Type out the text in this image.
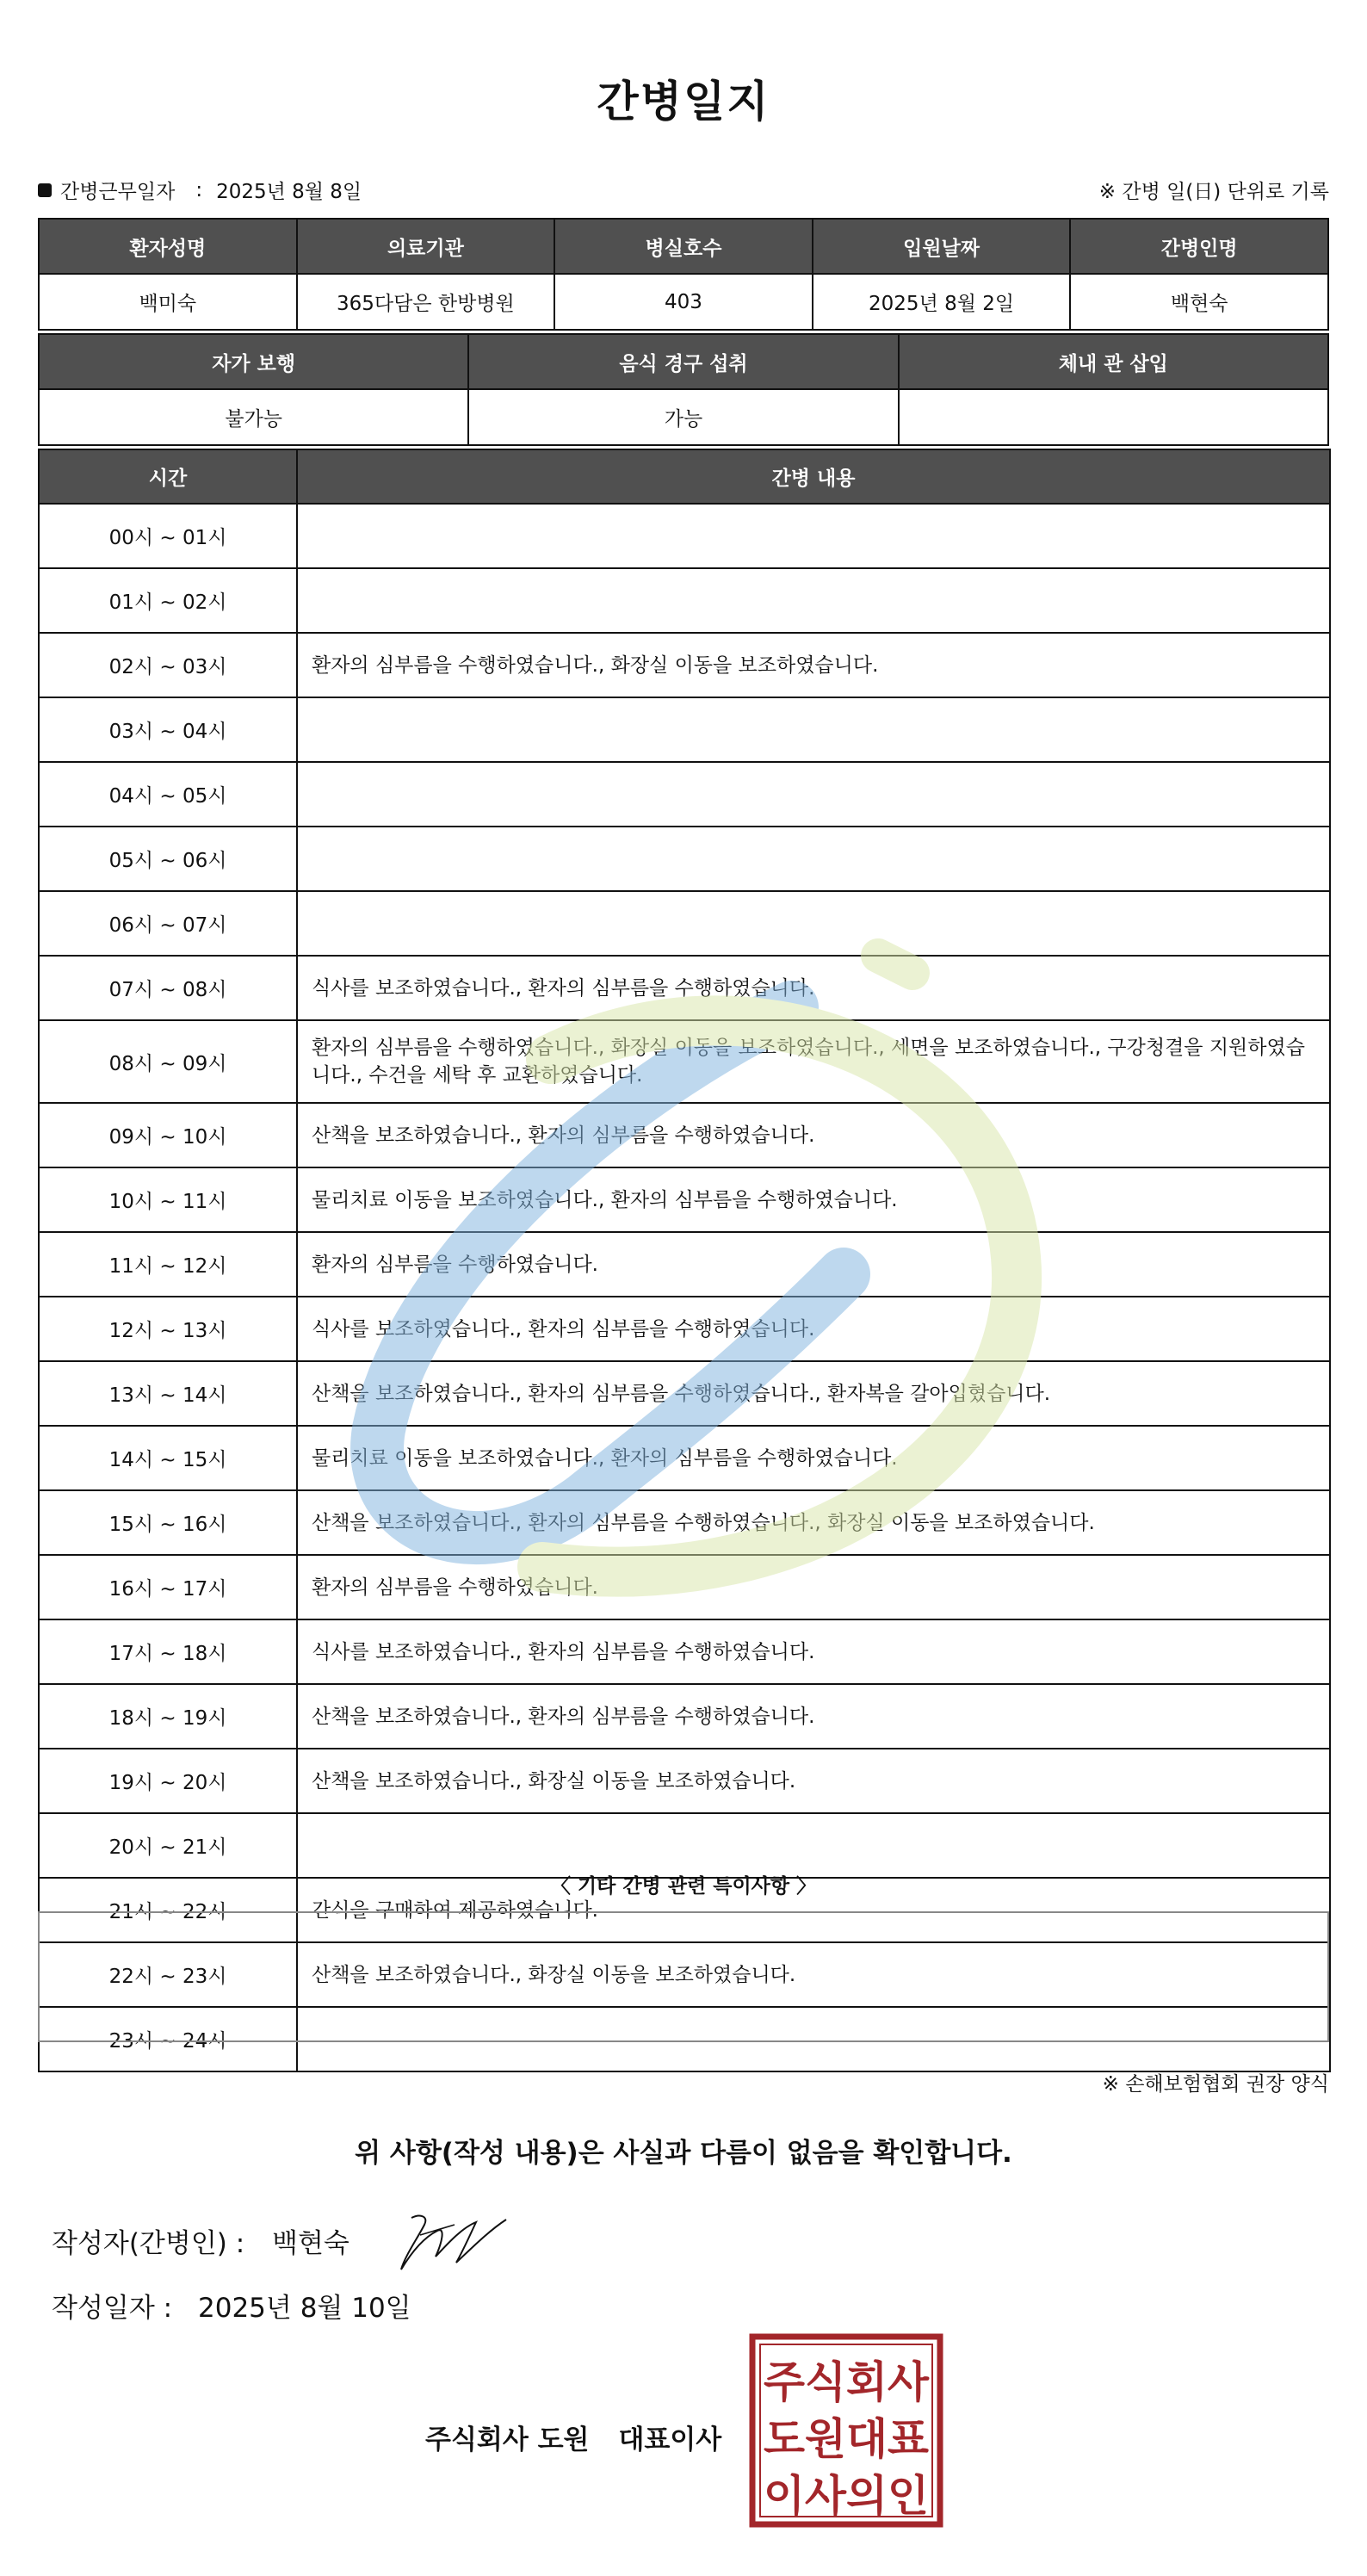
간병일지
간병근무일자 : 2025년 8월 8일	※ 간병 일(日) 단위로 기록
환자성명	의료기관	병실호수	입원날짜	간병인명
백미숙	365다담은 한방병원	403	2025년 8월 2일	백현숙
자가 보행	음식 경구 섭취	체내 관 삽입
불가능	가능	
시간	간병 내용
00시 ~ 01시	
01시 ~ 02시	
02시 ~ 03시	환자의 심부름을 수행하였습니다., 화장실 이동을 보조하였습니다.
03시 ~ 04시	
04시 ~ 05시	
05시 ~ 06시	
06시 ~ 07시	
07시 ~ 08시	식사를 보조하였습니다., 환자의 심부름을 수행하였습니다.
08시 ~ 09시	환자의 심부름을 수행하였습니다., 화장실 이동을 보조하였습니다., 세면을 보조하였습니다., 구강청결을 지원하였습니다., 수건을 세탁 후 교환하였습니다.
09시 ~ 10시	산책을 보조하였습니다., 환자의 심부름을 수행하였습니다.
10시 ~ 11시	물리치료 이동을 보조하였습니다., 환자의 심부름을 수행하였습니다.
11시 ~ 12시	환자의 심부름을 수행하였습니다.
12시 ~ 13시	식사를 보조하였습니다., 환자의 심부름을 수행하였습니다.
13시 ~ 14시	산책을 보조하였습니다., 환자의 심부름을 수행하였습니다., 환자복을 갈아입혔습니다.
14시 ~ 15시	물리치료 이동을 보조하였습니다., 환자의 심부름을 수행하였습니다.
15시 ~ 16시	산책을 보조하였습니다., 환자의 심부름을 수행하였습니다., 화장실 이동을 보조하였습니다.
16시 ~ 17시	환자의 심부름을 수행하였습니다.
17시 ~ 18시	식사를 보조하였습니다., 환자의 심부름을 수행하였습니다.
18시 ~ 19시	산책을 보조하였습니다., 환자의 심부름을 수행하였습니다.
19시 ~ 20시	산책을 보조하였습니다., 화장실 이동을 보조하였습니다.
20시 ~ 21시	
21시 ~ 22시	간식을 구매하여 제공하였습니다.
22시 ~ 23시	산책을 보조하였습니다., 화장실 이동을 보조하였습니다.
23시 ~ 24시	
〈 기타 간병 관련 특이사항 〉
※ 손해보험협회 권장 양식
위 사항(작성 내용)은 사실과 다름이 없음을 확인합니다.
작성자(간병인) :	백현숙
작성일자 : 2025년 8월 10일
주식회사 도원 대표이사
주식회사
도원대표
이사의인
